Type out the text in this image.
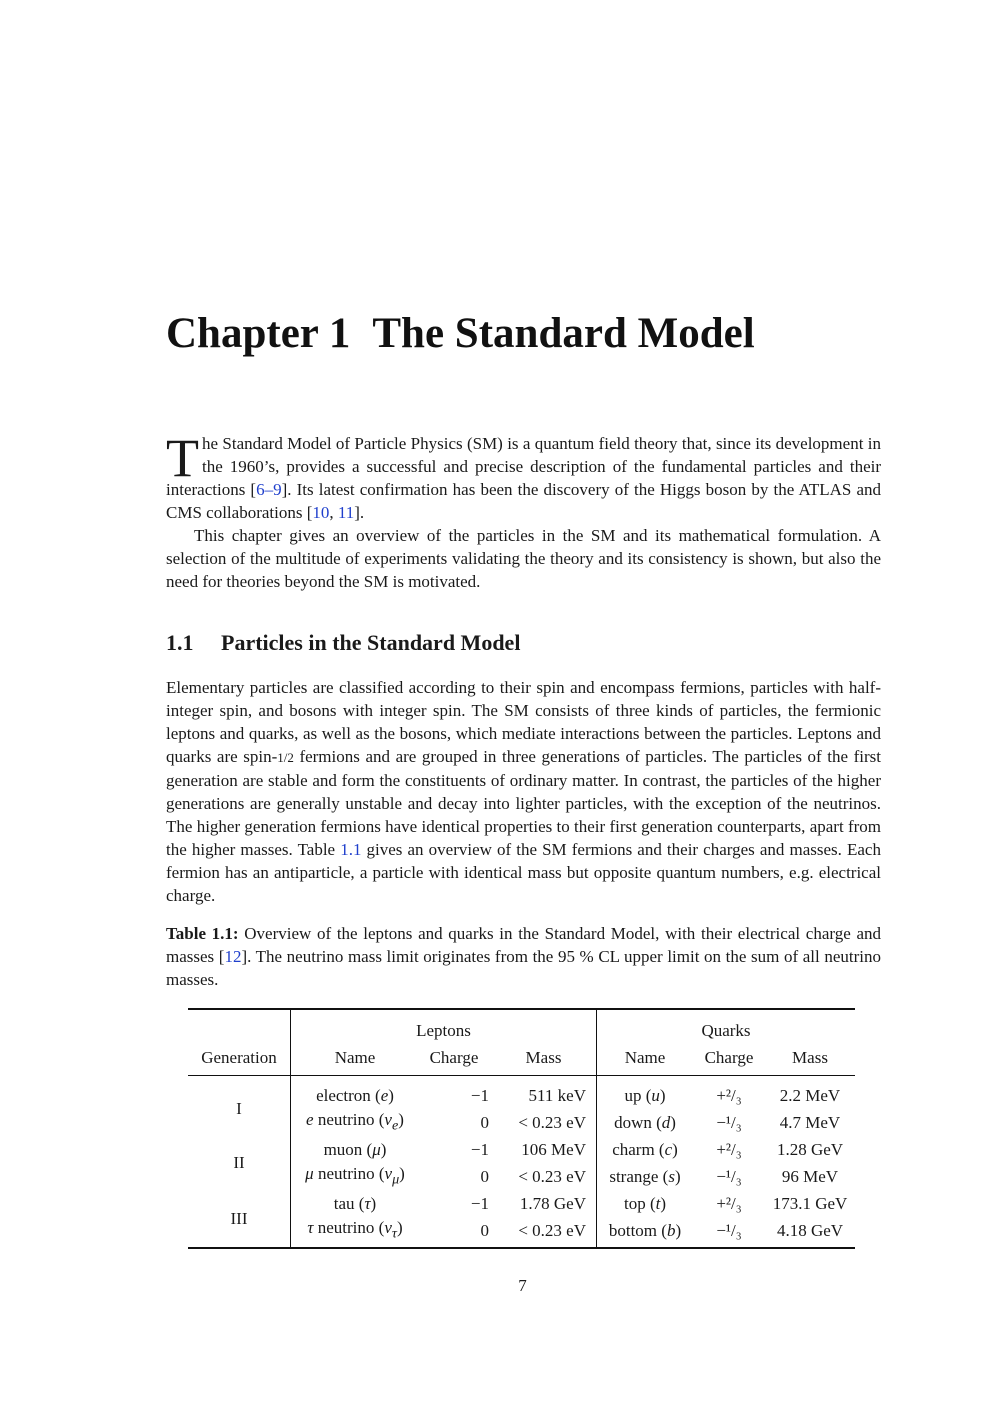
Chapter 1 The Standard Model

The Standard Model of Particle Physics (SM) is a quantum field theory that, since its development in the 1960’s, provides a successful and precise description of the fundamental particles and their interactions [6–9]. Its latest confirmation has been the discovery of the Higgs boson by the ATLAS and CMS collaborations [10, 11].

This chapter gives an overview of the particles in the SM and its mathematical formulation. A selection of the multitude of experiments validating the theory and its consistency is shown, but also the need for theories beyond the SM is motivated.

1.1 Particles in the Standard Model

Elementary particles are classified according to their spin and encompass fermions, particles with half-integer spin, and bosons with integer spin. The SM consists of three kinds of particles, the fermionic leptons and quarks, as well as the bosons, which mediate interactions between the particles. Leptons and quarks are spin-1/2 fermions and are grouped in three generations of particles. The particles of the first generation are stable and form the constituents of ordinary matter. In contrast, the particles of the higher generations are generally unstable and decay into lighter particles, with the exception of the neutrinos. The higher generation fermions have identical properties to their first generation counterparts, apart from the higher masses. Table 1.1 gives an overview of the SM fermions and their charges and masses. Each fermion has an antiparticle, a particle with identical mass but opposite quantum numbers, e.g. electrical charge.

Table 1.1: Overview of the leptons and quarks in the Standard Model, with their electrical charge and masses [12]. The neutrino mass limit originates from the 95 % CL upper limit on the sum of all neutrino masses.

	Leptons			Quarks		
Generation	Name	Charge	Mass	Name	Charge	Mass
I	electron (e)	−1	511 keV	up (u)	+²/₃	2.2 MeV
	e neutrino $(\nu_e)$	0	< 0.23 eV	down (d)	−¹/₃	4.7 MeV
II	muon (μ)	−1	106 MeV	charm (c)	+²/₃	1.28 GeV
	μ neutrino $(\nu_\mu)$	0	< 0.23 eV	strange (s)	−¹/₃	96 MeV
III	tau (τ)	−1	1.78 GeV	top (t)	+²/₃	173.1 GeV
	τ neutrino $(\nu_\tau)$	0	< 0.23 eV	bottom (b)	−¹/₃	4.18 GeV
7
